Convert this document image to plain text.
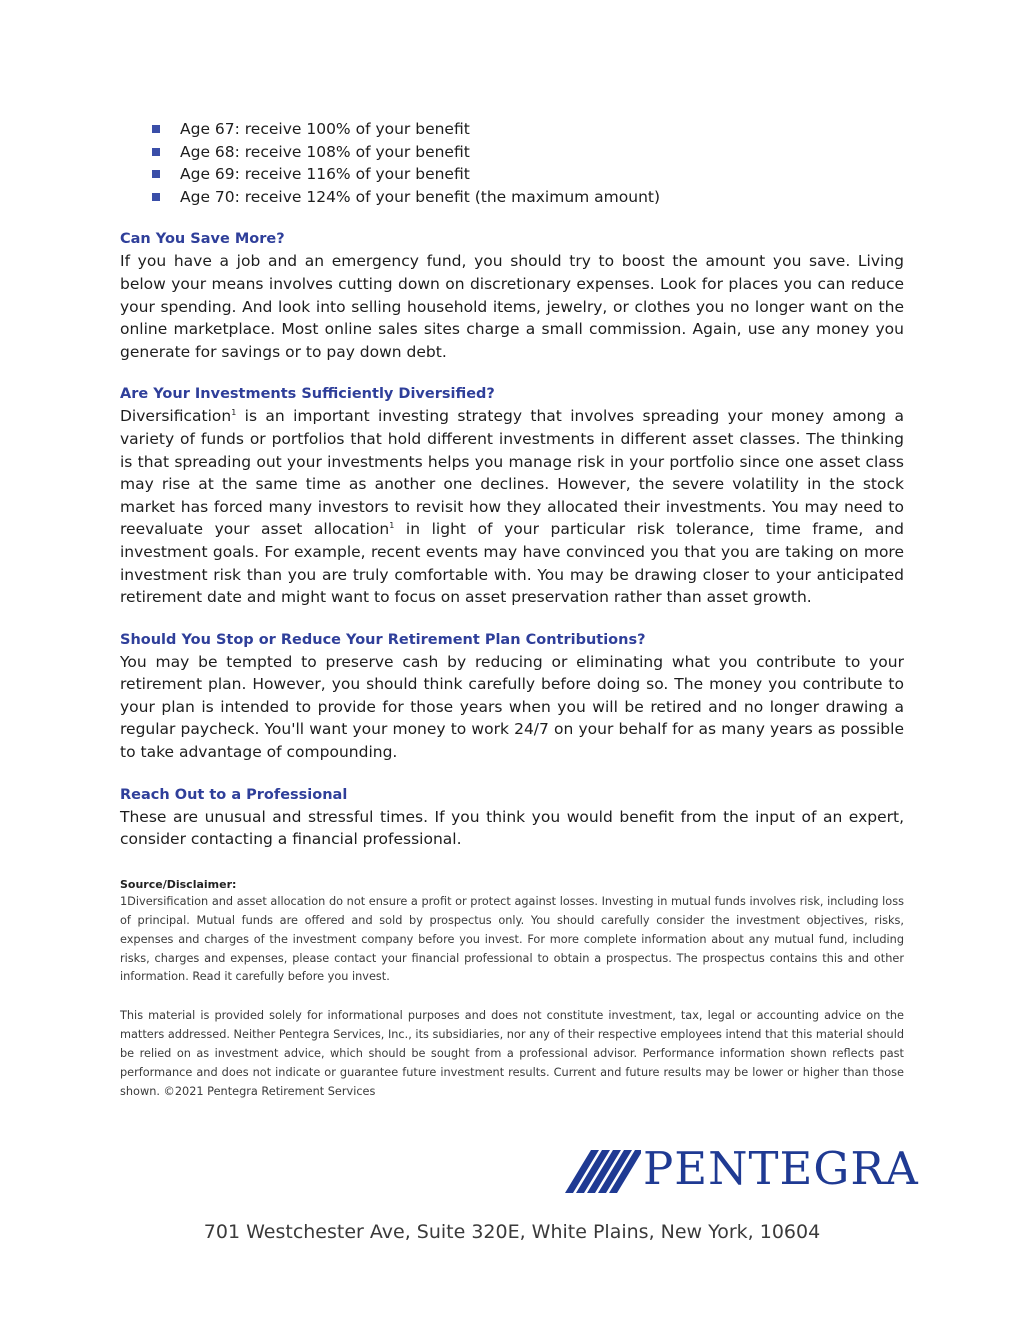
Age 67: receive 100% of your benefit
Age 68: receive 108% of your benefit
Age 69: receive 116% of your benefit
Age 70: receive 124% of your benefit (the maximum amount)

Can You Save More?

If you have a job and an emergency fund, you should try to boost the amount you save. Living below your means involves cutting down on discretionary expenses. Look for places you can reduce your spending. And look into selling household items, jewelry, or clothes you no longer want on the online marketplace. Most online sales sites charge a small commission. Again, use any money you generate for savings or to pay down debt.

Are Your Investments Sufficiently Diversified?

Diversification$^1$ is an important investing strategy that involves spreading your money among a variety of funds or portfolios that hold different investments in different asset classes. The thinking is that spreading out your investments helps you manage risk in your portfolio since one asset class may rise at the same time as another one declines. However, the severe volatility in the stock market has forced many investors to revisit how they allocated their investments. You may need to reevaluate your asset allocation$^1$ in light of your particular risk tolerance, time frame, and investment goals. For example, recent events may have convinced you that you are taking on more investment risk than you are truly comfortable with. You may be drawing closer to your anticipated retirement date and might want to focus on asset preservation rather than asset growth.

Should You Stop or Reduce Your Retirement Plan Contributions?

You may be tempted to preserve cash by reducing or eliminating what you contribute to your retirement plan. However, you should think carefully before doing so. The money you contribute to your plan is intended to provide for those years when you will be retired and no longer drawing a regular paycheck. You'll want your money to work 24/7 on your behalf for as many years as possible to take advantage of compounding.

Reach Out to a Professional

These are unusual and stressful times. If you think you would benefit from the input of an expert, consider contacting a financial professional.

Source/Disclaimer:

1Diversification and asset allocation do not ensure a profit or protect against losses. Investing in mutual funds involves risk, including loss of principal. Mutual funds are offered and sold by prospectus only. You should carefully consider the investment objectives, risks, expenses and charges of the investment company before you invest. For more complete information about any mutual fund, including risks, charges and expenses, please contact your financial professional to obtain a prospectus. The prospectus contains this and other information. Read it carefully before you invest.

This material is provided solely for informational purposes and does not constitute investment, tax, legal or accounting advice on the matters addressed. Neither Pentegra Services, Inc., its subsidiaries, nor any of their respective employees intend that this material should be relied on as investment advice, which should be sought from a professional advisor. Performance information shown reflects past performance and does not indicate or guarantee future investment results. Current and future results may be lower or higher than those shown. ©2021 Pentegra Retirement Services

PENTEGRA
701 Westchester Ave, Suite 320E, White Plains, New York, 10604
